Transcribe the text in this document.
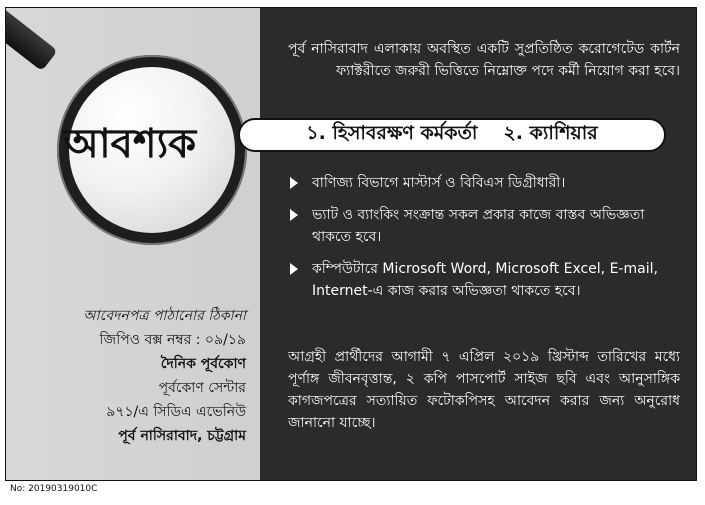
আবশ্যক
আবেদনপত্র পাঠানোর ঠিকানা
জিপিও বক্স নম্বর : ০৯/১৯
দৈনিক পূর্বকোণ
পূর্বকোণ সেন্টার
৯৭১/এ সিডিএ এভেনিউ
পূর্ব নাসিরাবাদ, চট্টগ্রাম
পূর্ব নাসিরাবাদ এলাকায় অবস্থিত একটি সুপ্রতিষ্ঠিত করোগেটেড কার্টন ফ্যাক্টরীতে জরুরী ভিত্তিতে নিম্নোক্ত পদে কর্মী নিয়োগ করা হবে।
১. হিসাবরক্ষণ কর্মকর্তা ২. ক্যাশিয়ার
বাণিজ্য বিভাগে মাস্টার্স ও বিবিএস ডিগ্রীধারী।
ভ্যাট ও ব্যাংকিং সংক্রান্ত সকল প্রকার কাজে বাস্তব অভিজ্ঞতা থাকতে হবে।
কম্পিউটারে Microsoft Word, Microsoft Excel, E-mail, Internet-এ কাজ করার অভিজ্ঞতা থাকতে হবে।
আগ্রহী প্রার্থীদের আগামী ৭ এপ্রিল ২০১৯ খ্রিস্টাব্দ তারিখের মধ্যে পূর্ণাঙ্গ জীবনবৃত্তান্ত, ২ কপি পাসপোর্ট সাইজ ছবি এবং আনুসাঙ্গিক কাগজপত্রের সত্যায়িত ফটোকপিসহ আবেদন করার জন্য অনুরোধ জানানো যাচ্ছে।
No: 20190319010C
